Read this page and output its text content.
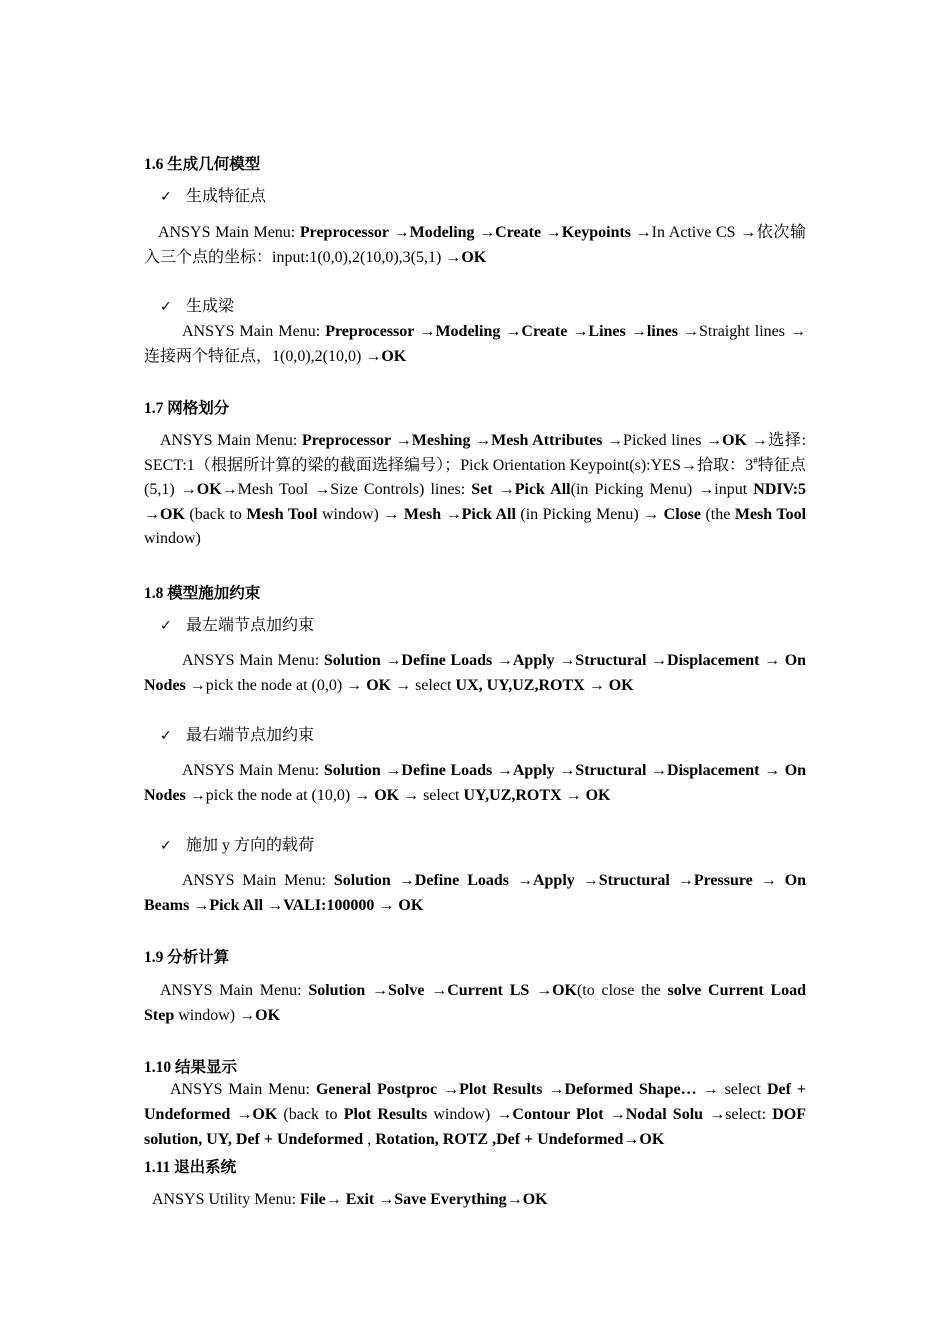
1.6 生成几何模型
✓ 生成特征点

ANSYS Main Menu: Preprocessor →Modeling →Create →Keypoints →In Active CS →依次输入三个点的坐标：input:1(0,0),2(10,0),3(5,1) →OK

✓ 生成梁

ANSYS Main Menu: Preprocessor →Modeling →Create →Lines →lines →Straight lines →连接两个特征点，1(0,0),2(10,0) →OK

1.7 网格划分

ANSYS Main Menu: Preprocessor →Meshing →Mesh Attributes →Picked lines →OK →选择: SECT:1（根据所计算的梁的截面选择编号）；Pick Orientation Keypoint(s):YES→拾取：3#特征点(5,1) →OK→Mesh Tool →Size Controls) lines: Set →Pick All(in Picking Menu) →input NDIV:5 →OK (back to Mesh Tool window) → Mesh →Pick All (in Picking Menu) → Close (the Mesh Tool window)

1.8 模型施加约束
✓ 最左端节点加约束

ANSYS Main Menu: Solution →Define Loads →Apply →Structural →Displacement → On Nodes →pick the node at (0,0) → OK → select UX, UY,UZ,ROTX → OK

✓ 最右端节点加约束

ANSYS Main Menu: Solution →Define Loads →Apply →Structural →Displacement → On Nodes →pick the node at (10,0) → OK → select UY,UZ,ROTX → OK

✓ 施加 y 方向的载荷

ANSYS Main Menu: Solution →Define Loads →Apply →Structural →Pressure → On Beams →Pick All →VALI:100000 → OK

1.9 分析计算

ANSYS Main Menu: Solution →Solve →Current LS →OK(to close the solve Current Load Step window) →OK

1.10 结果显示

ANSYS Main Menu: General Postproc →Plot Results →Deformed Shape… → select Def + Undeformed →OK (back to Plot Results window) →Contour Plot →Nodal Solu →select: DOF solution, UY, Def + Undeformed , Rotation, ROTZ ,Def + Undeformed→OK

1.11 退出系统

ANSYS Utility Menu: File→ Exit →Save Everything→OK
